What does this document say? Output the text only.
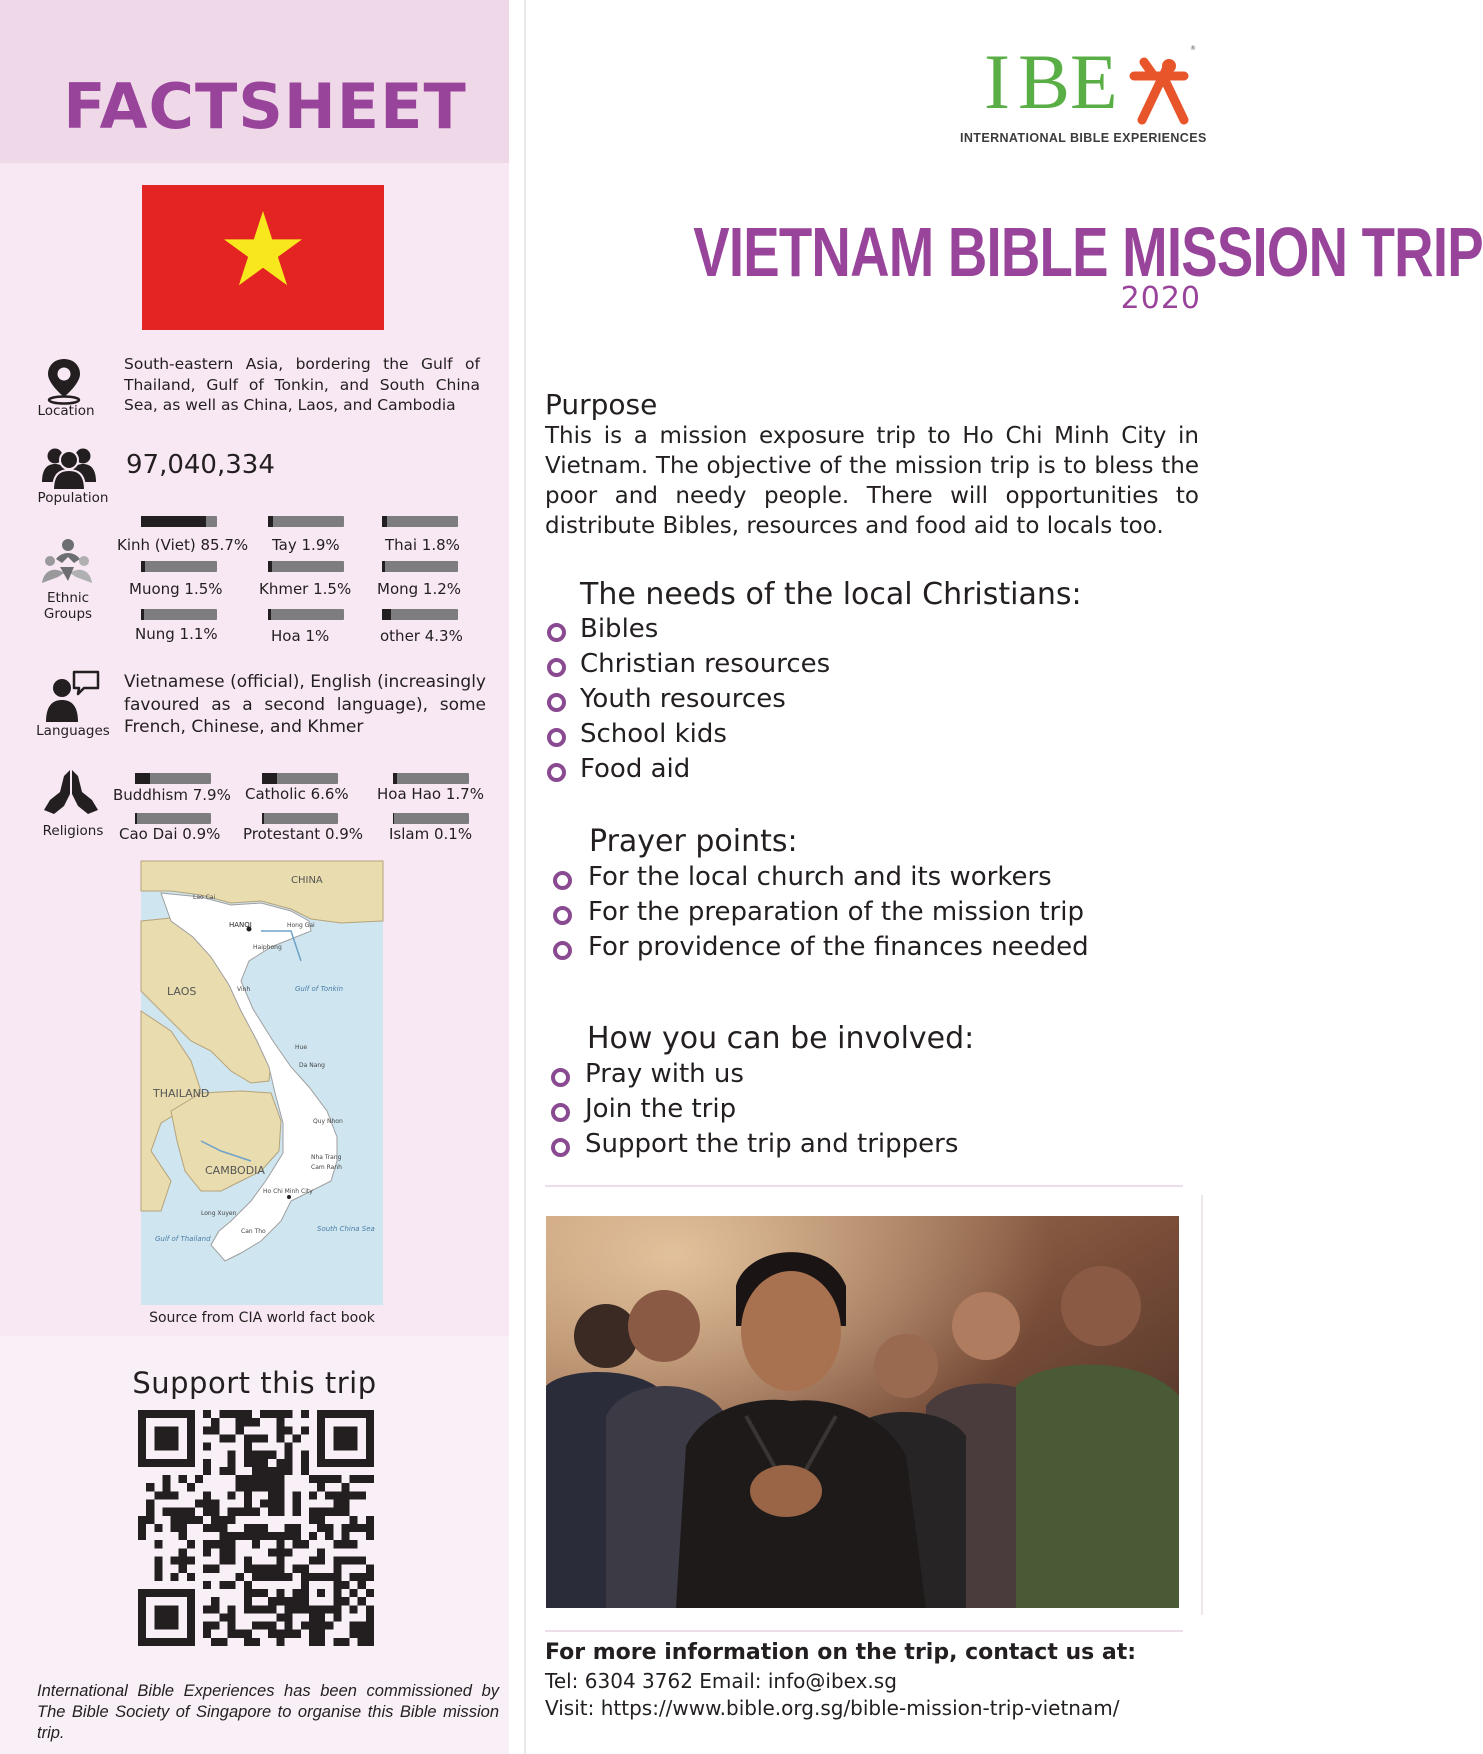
FACTSHEET
Location
South-eastern Asia, bordering the Gulf of Thailand, Gulf of Tonkin, and South China Sea, as well as China, Laos, and Cambodia
Population
97,040,334
Ethnic
Groups
Kinh (Viet) 85.7% Tay 1.9%	Thai 1.8%
Muong 1.5% Khmer 1.5% Mong 1.2%
Nung 1.1%	Hoa 1%	other 4.3%
Languages
Vietnamese (official), English (increasingly favoured as a second language), some French, Chinese, and Khmer
Religions
Buddhism 7.9% Catholic 6.6% Hoa Hao 1.7%
Cao Dai 0.9% Protestant 0.9% Islam 0.1%
CHINA
LAOS
THAILAND
CAMBODIA
HANOI
Haiphong
Hong Gai
Lao Cai
Gulf of Tonkin
Vinh
Hue
Da Nang
Quy Nhon
Nha Trang
Cam Ranh
Ho Chi Minh City
Long Xuyen
Can Tho	South China Sea
Gulf of Thailand
Source from CIA world fact book
Support this trip
International Bible Experiences has been commissioned by The Bible Society of Singapore to organise this Bible mission trip.
I B E	®
INTERNATIONAL BIBLE EXPERIENCES
VIETNAM BIBLE MISSION TRIP
2020
Purpose
This is a mission exposure trip to Ho Chi Minh City in Vietnam. The objective of the mission trip is to bless the poor and needy people. There will opportunities to distribute Bibles, resources and food aid to locals too.
The needs of the local Christians:
Bibles
Christian resources
Youth resources
School kids
Food aid
Prayer points:
For the local church and its workers
For the preparation of the mission trip
For providence of the finances needed
How you can be involved:
Pray with us
Join the trip
Support the trip and trippers
For more information on the trip, contact us at:
Tel: 6304 3762 Email: info@ibex.sg
Visit: https://www.bible.org.sg/bible-mission-trip-vietnam/
